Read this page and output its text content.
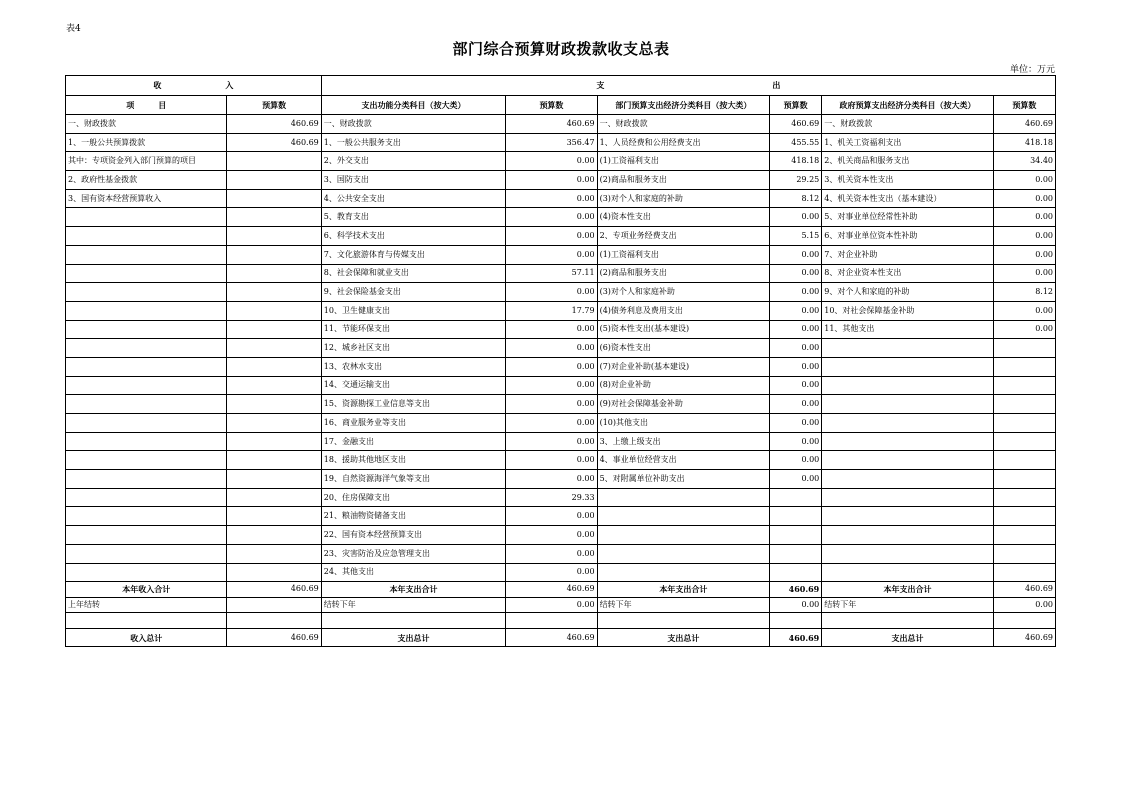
表4
部门综合预算财政拨款收支总表
单位：万元
收　　　　　　　　入		支　　　　　　　　　　　　　　　　　　　　　出					
项　　　目	预算数	支出功能分类科目（按大类）	预算数	部门预算支出经济分类科目（按大类）	预算数	政府预算支出经济分类科目（按大类）	预算数
一、财政拨款	460.69	一、财政拨款	460.69	一、财政拨款	460.69	一、财政拨款	460.69
1、一般公共预算拨款	460.69	1、一般公共服务支出	356.47	1、人员经费和公用经费支出	455.55	1、机关工资福利支出	418.18
其中：专项资金列入部门预算的项目		2、外交支出	0.00	(1)工资福利支出	418.18	2、机关商品和服务支出	34.40
2、政府性基金拨款		3、国防支出	0.00	(2)商品和服务支出	29.25	3、机关资本性支出	0.00
3、国有资本经营预算收入		4、公共安全支出	0.00	(3)对个人和家庭的补助	8.12	4、机关资本性支出（基本建设）	0.00
		5、教育支出	0.00	(4)资本性支出	0.00	5、对事业单位经常性补助	0.00
		6、科学技术支出	0.00	2、专项业务经费支出	5.15	6、对事业单位资本性补助	0.00
		7、文化旅游体育与传媒支出	0.00	(1)工资福利支出	0.00	7、对企业补助	0.00
		8、社会保障和就业支出	57.11	(2)商品和服务支出	0.00	8、对企业资本性支出	0.00
		9、社会保险基金支出	0.00	(3)对个人和家庭补助	0.00	9、对个人和家庭的补助	8.12
		10、卫生健康支出	17.79	(4)债务利息及费用支出	0.00	10、对社会保障基金补助	0.00
		11、节能环保支出	0.00	(5)资本性支出(基本建设)	0.00	11、其他支出	0.00
		12、城乡社区支出	0.00	(6)资本性支出	0.00		
		13、农林水支出	0.00	(7)对企业补助(基本建设)	0.00		
		14、交通运输支出	0.00	(8)对企业补助	0.00		
		15、资源勘探工业信息等支出	0.00	(9)对社会保障基金补助	0.00		
		16、商业服务业等支出	0.00	(10)其他支出	0.00		
		17、金融支出	0.00	3、上缴上级支出	0.00		
		18、援助其他地区支出	0.00	4、事业单位经营支出	0.00		
		19、自然资源海洋气象等支出	0.00	5、对附属单位补助支出	0.00		
		20、住房保障支出	29.33				
		21、粮油物资储备支出	0.00				
		22、国有资本经营预算支出	0.00				
		23、灾害防治及应急管理支出	0.00				
		24、其他支出	0.00				
本年收入合计	460.69	本年支出合计	460.69	本年支出合计	460.69	本年支出合计	460.69
上年结转		结转下年	0.00	结转下年	0.00	结转下年	0.00

收入总计	460.69	支出总计	460.69	支出总计	460.69	支出总计	460.69
